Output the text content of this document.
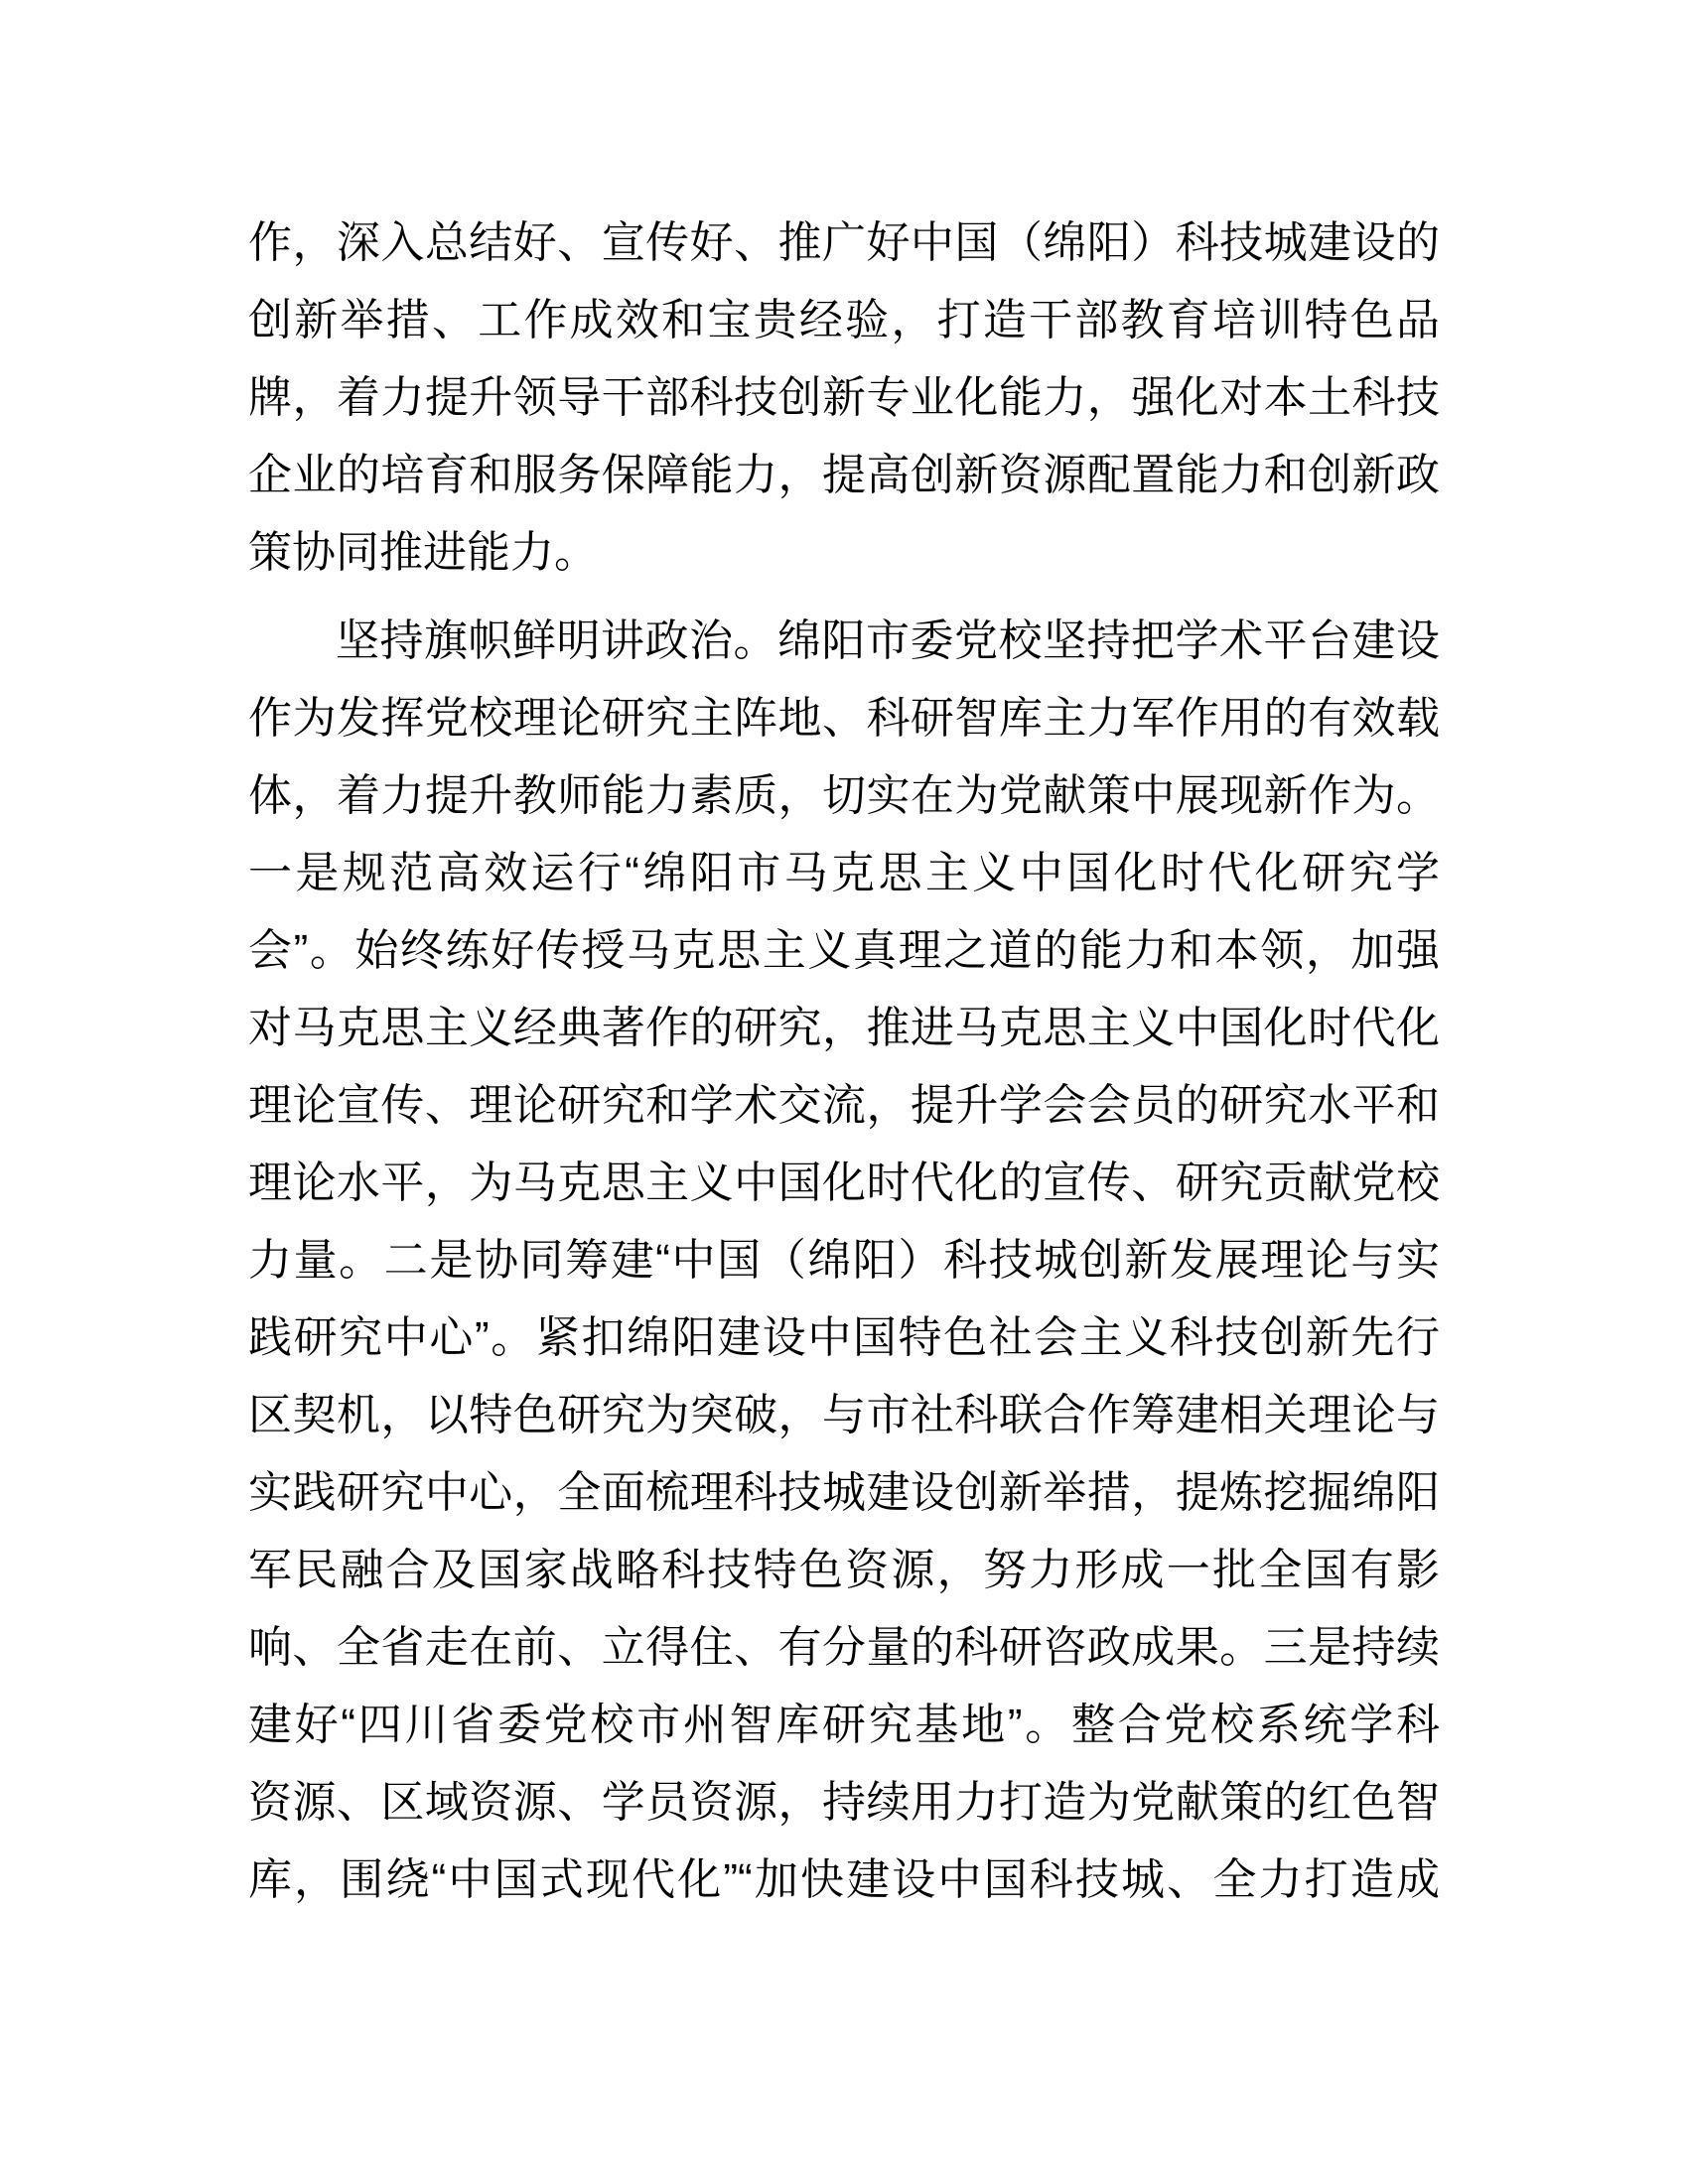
作，深入总结好、宣传好、推广好中国（绵阳）科技城建设的
创新举措、工作成效和宝贵经验，打造干部教育培训特色品
牌，着力提升领导干部科技创新专业化能力，强化对本土科技
企业的培育和服务保障能力，提高创新资源配置能力和创新政
策协同推进能力。
坚持旗帜鲜明讲政治。绵阳市委党校坚持把学术平台建设
作为发挥党校理论研究主阵地、科研智库主力军作用的有效载
体，着力提升教师能力素质，切实在为党献策中展现新作为。
一是规范高效运行“绵阳市马克思主义中国化时代化研究学
会”。始终练好传授马克思主义真理之道的能力和本领，加强
对马克思主义经典著作的研究，推进马克思主义中国化时代化
理论宣传、理论研究和学术交流，提升学会会员的研究水平和
理论水平，为马克思主义中国化时代化的宣传、研究贡献党校
力量。二是协同筹建“中国（绵阳）科技城创新发展理论与实
践研究中心”。紧扣绵阳建设中国特色社会主义科技创新先行
区契机，以特色研究为突破，与市社科联合作筹建相关理论与
实践研究中心，全面梳理科技城建设创新举措，提炼挖掘绵阳
军民融合及国家战略科技特色资源，努力形成一批全国有影
响、全省走在前、立得住、有分量的科研咨政成果。三是持续
建好“四川省委党校市州智库研究基地”。整合党校系统学科
资源、区域资源、学员资源，持续用力打造为党献策的红色智
库，围绕“中国式现代化”“加快建设中国科技城、全力打造成
